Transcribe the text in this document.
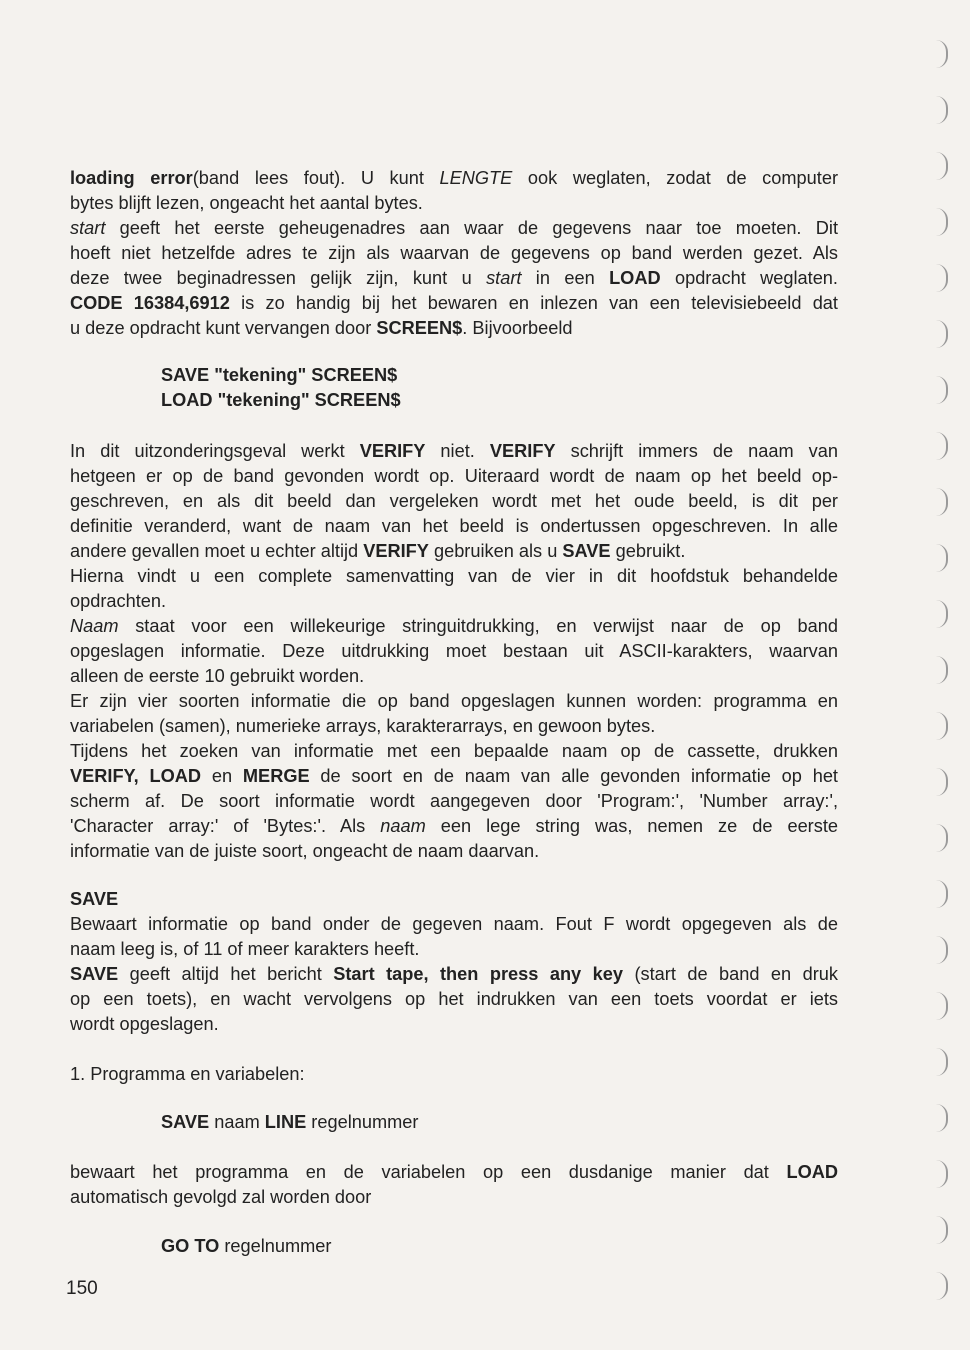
loading error(band lees fout). U kunt LENGTE ook weglaten, zodat de computer
bytes blijft lezen, ongeacht het aantal bytes.
start geeft het eerste geheugenadres aan waar de gegevens naar toe moeten. Dit
hoeft niet hetzelfde adres te zijn als waarvan de gegevens op band werden gezet. Als
deze twee beginadressen gelijk zijn, kunt u start in een LOAD opdracht weglaten.
CODE 16384,6912 is zo handig bij het bewaren en inlezen van een televisiebeeld dat
u deze opdracht kunt vervangen door SCREEN$. Bijvoorbeeld
SAVE "tekening" SCREEN$
LOAD "tekening" SCREEN$
In dit uitzonderingsgeval werkt VERIFY niet. VERIFY schrijft immers de naam van
hetgeen er op de band gevonden wordt op. Uiteraard wordt de naam op het beeld op-
geschreven, en als dit beeld dan vergeleken wordt met het oude beeld, is dit per
definitie veranderd, want de naam van het beeld is ondertussen opgeschreven. In alle
andere gevallen moet u echter altijd VERIFY gebruiken als u SAVE gebruikt.
Hierna vindt u een complete samenvatting van de vier in dit hoofdstuk behandelde
opdrachten.
Naam staat voor een willekeurige stringuitdrukking, en verwijst naar de op band
opgeslagen informatie. Deze uitdrukking moet bestaan uit ASCII-karakters, waarvan
alleen de eerste 10 gebruikt worden.
Er zijn vier soorten informatie die op band opgeslagen kunnen worden: programma en
variabelen (samen), numerieke arrays, karakterarrays, en gewoon bytes.
Tijdens het zoeken van informatie met een bepaalde naam op de cassette, drukken
VERIFY, LOAD en MERGE de soort en de naam van alle gevonden informatie op het
scherm af. De soort informatie wordt aangegeven door 'Program:', 'Number array:',
'Character array:' of 'Bytes:'. Als naam een lege string was, nemen ze de eerste
informatie van de juiste soort, ongeacht de naam daarvan.
SAVE
Bewaart informatie op band onder de gegeven naam. Fout F wordt opgegeven als de
naam leeg is, of 11 of meer karakters heeft.
SAVE geeft altijd het bericht Start tape, then press any key (start de band en druk
op een toets), en wacht vervolgens op het indrukken van een toets voordat er iets
wordt opgeslagen.
1. Programma en variabelen:
SAVE naam LINE regelnummer
bewaart het programma en de variabelen op een dusdanige manier dat LOAD
automatisch gevolgd zal worden door
GO TO regelnummer
150
